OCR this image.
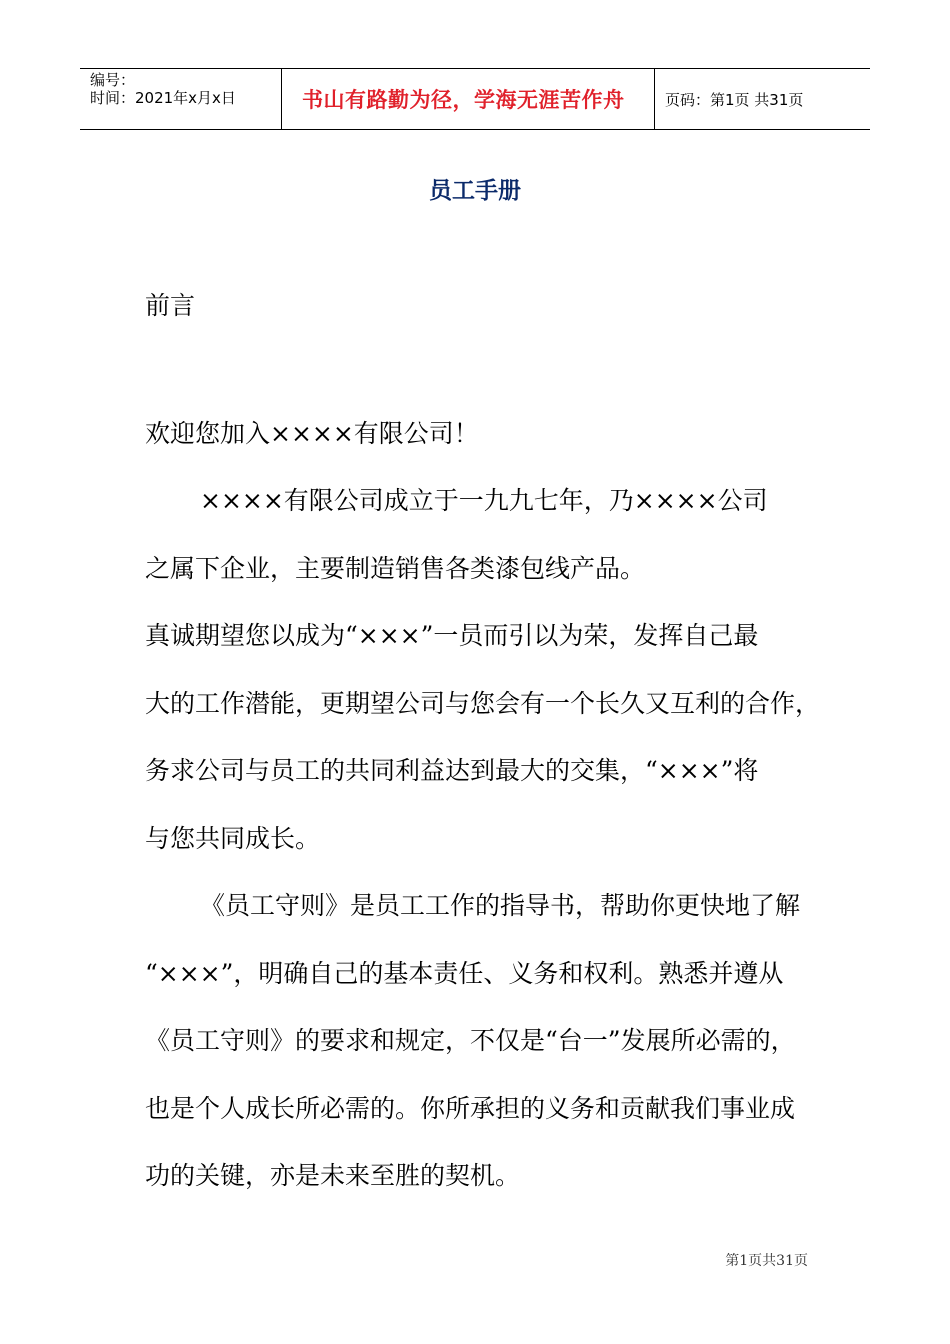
编号：
时间：2021年x月x日	书山有路勤为径，学海无涯苦作舟	页码：第1页 共31页
员工手册
前言
欢迎您加入××××有限公司！
××××有限公司成立于一九九七年，乃××××公司
之属下企业，主要制造销售各类漆包线产品。
真诚期望您以成为“×××”一员而引以为荣，发挥自己最
大的工作潜能，更期望公司与您会有一个长久又互利的合作，
务求公司与员工的共同利益达到最大的交集，“×××”将
与您共同成长。
《员工守则》是员工工作的指导书，帮助你更快地了解
“×××”，明确自己的基本责任、义务和权利。熟悉并遵从
《员工守则》的要求和规定，不仅是“台一”发展所必需的，
也是个人成长所必需的。你所承担的义务和贡献我们事业成
功的关键，亦是未来至胜的契机。
第1页共31页
